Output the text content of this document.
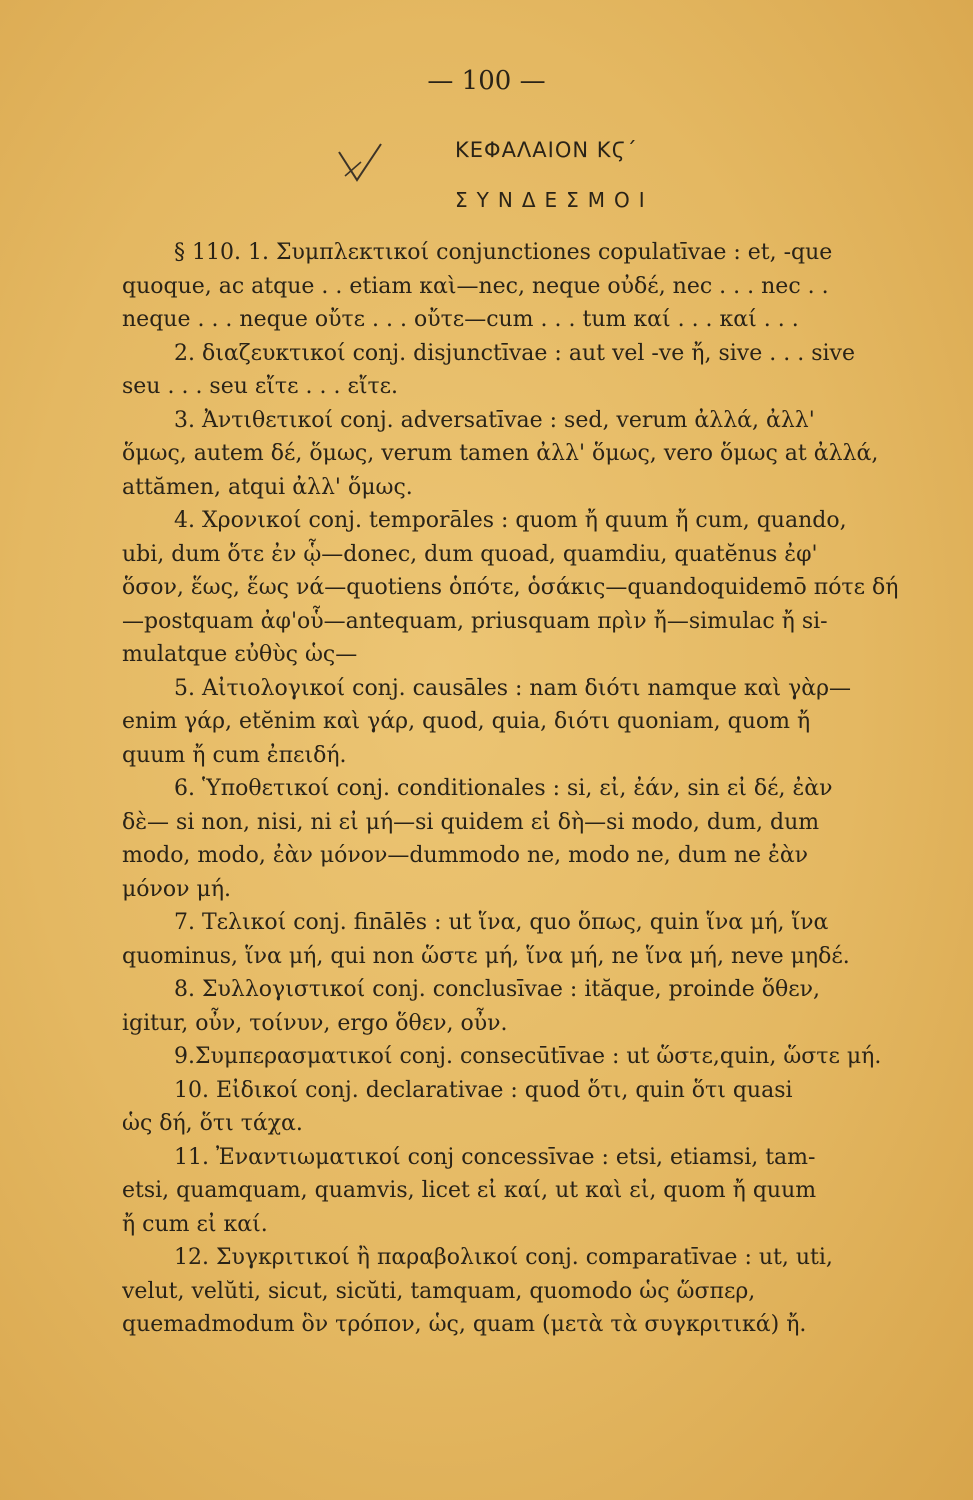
— 100 —
ΚΕΦΑΛΑΙΟΝ ΚϚ΄
ΣΥΝΔΕΣΜΟΙ
§ 110. 1. Συμπλεκτικοί conjunctiones copulatīvae : et, -que
quoque, ac atque . . etiam καὶ—nec, neque οὐδέ, nec . . . nec . .
neque . . . neque οὔτε . . . οὔτε—cum . . . tum καί . . . καί . . .
2. διαζευκτικοί conj. disjunctīvae : aut vel -ve ἤ, sive . . . sive
seu . . . seu εἴτε . . . εἴτε.
3. Ἀντιθετικοί conj. adversatīvae : sed, verum ἀλλά, ἀλλ'
ὅμως, autem δέ, ὅμως, verum tamen ἀλλ' ὅμως, vero ὅμως at ἀλλά,
attămen, atqui ἀλλ' ὅμως.
4. Χρονικοί conj. temporāles : quom ἤ quum ἤ cum, quando,
ubi, dum ὅτε ἐν ᾧ—donec, dum quoad, quamdiu, quatĕnus ἐφ'
ὅσον, ἕως, ἕως νά—quotiens ὁπότε, ὁσάκις—quandoquidemō πότε δή
—postquam ἀφ'οὗ—antequam, priusquam πρὶν ἤ—simulac ἤ si-
mulatque εὐθὺς ὡς—
5. Αἰτιολογικοί conj. causāles : nam διότι namque καὶ γὰρ—
enim γάρ, etĕnim καὶ γάρ, quod, quia, διότι quoniam, quom ἤ
quum ἤ cum ἐπειδή.
6. Ὑποθετικοί conj. conditionales : si, εἰ, ἐάν, sin εἰ δέ, ἐὰν
δὲ— si non, nisi, ni εἰ μή—si quidem εἰ δὴ—si modo, dum, dum
modo, modo, ἐὰν μόνον—dummodo ne, modo ne, dum ne ἐὰν
μόνον μή.
7. Τελικοί conj. finālēs : ut ἵνα, quo ὅπως, quin ἵνα μή, ἵνα
quominus, ἵνα μή, qui non ὥστε μή, ἵνα μή, ne ἵνα μή, neve μηδέ.
8. Συλλογιστικοί conj. conclusīvae : ităque, proinde ὅθεν,
igitur, οὖν, τοίνυν, ergo ὅθεν, οὖν.
9.Συμπερασματικοί conj. consecūtīvae : ut ὥστε,quin, ὥστε μή.
10. Εἰδικοί conj. declarativae : quod ὅτι, quin ὅτι quasi
ὡς δή, ὅτι τάχα.
11. Ἐναντιωματικοί conj concessīvae : etsi, etiamsi, tam-
etsi, quamquam, quamvis, licet εἰ καί, ut καὶ εἰ, quom ἤ quum
ἤ cum εἰ καί.
12. Συγκριτικοί ἢ παραβολικοί conj. comparatīvae : ut, uti,
velut, velŭti, sicut, sicŭti, tamquam, quomodo ὡς ὥσπερ,
quemadmodum ὃν τρόπον, ὡς, quam (μετὰ τὰ συγκριτικά) ἤ.
